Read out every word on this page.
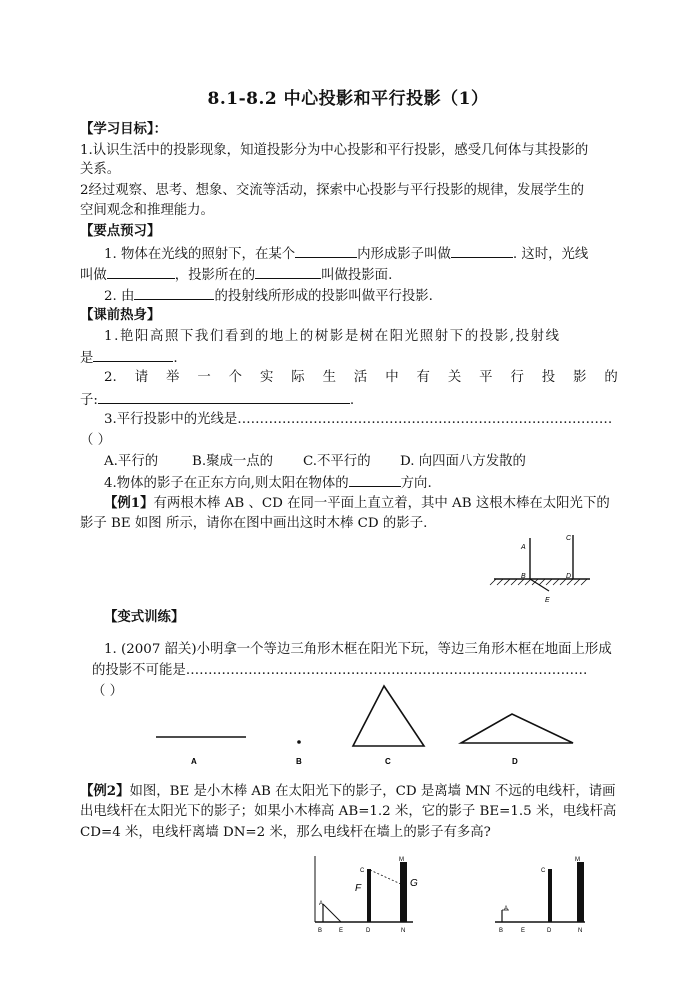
8.1-8.2 中心投影和平行投影（1）
【学习目标】：
1.认识生活中的投影现象，知道投影分为中心投影和平行投影，感受几何体与其投影的
关系。
2经过观察、思考、想象、交流等活动，探索中心投影与平行投影的规律，发展学生的
空间观念和推理能力。
【要点预习】
1. 物体在光线的照射下，在某个	内形成影子叫做	. 这时，光线
叫做	，投影所在的	叫做投影面.
2. 由	的投射线所形成的投影叫做平行投影.
【课前热身】
1.艳阳高照下我们看到的地上的树影是树在阳光照射下的投影,投射线
是	.
2. 请 举 一 个 实 际 生 活 中 有 关 平 行 投 影 的
子:	.
3.平行投影中的光线是…………………………………………………………………………
（ ）
A.平行的	B.聚成一点的 C.不平行的 D. 向四面八方发散的
4.物体的影子在正东方向,则太阳在物体的	方向.
【例1】有两根木棒 AB 、CD 在同一平面上直立着，其中 AB 这根木棒在太阳光下的
影子 BE 如图 所示，请你在图中画出这时木棒 CD 的影子.
A
B
C
D
E
【变式训练】
1. (2007 韶关)小明拿一个等边三角形木框在阳光下玩，等边三角形木框在地面上形成
的投影不可能是………………………………………………………………………………
（ ）
A	B	C	D
【例2】如图，BE 是小木棒 AB 在太阳光下的影子，CD 是离墙 MN 不远的电线杆，请画
出电线杆在太阳光下的影子；如果小木棒高 AB=1.2 米，它的影子 BE=1.5 米，电线杆高
CD=4 米，电线杆离墙 DN=2 米，那么电线杆在墙上的影子有多高?
M
C
F	G
A
B	E	D	N
M
C
A
B	E	D	N
